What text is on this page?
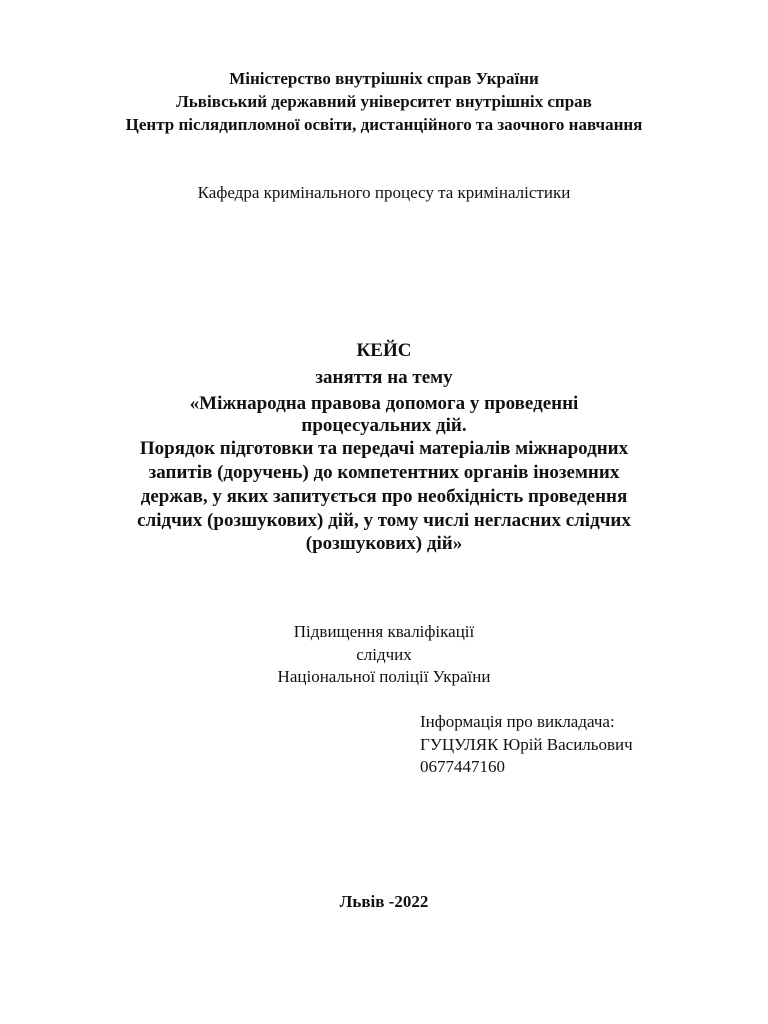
Міністерство внутрішніх справ України
Львівський державний університет внутрішніх справ
Центр післядипломної освіти, дистанційного та заочного навчання
Кафедра кримінального процесу та криміналістики
КЕЙС
заняття на тему
«Міжнародна правова допомога у проведенні
процесуальних дій.
Порядок підготовки та передачі матеріалів міжнародних
запитів (доручень) до компетентних органів іноземних
держав, у яких запитується про необхідність проведення
слідчих (розшукових) дій, у тому числі негласних слідчих
(розшукових) дій»
Підвищення кваліфікації
слідчих
Національної поліції України
Інформація про викладача:
ГУЦУЛЯК Юрій Васильович
0677447160
Львів -2022
